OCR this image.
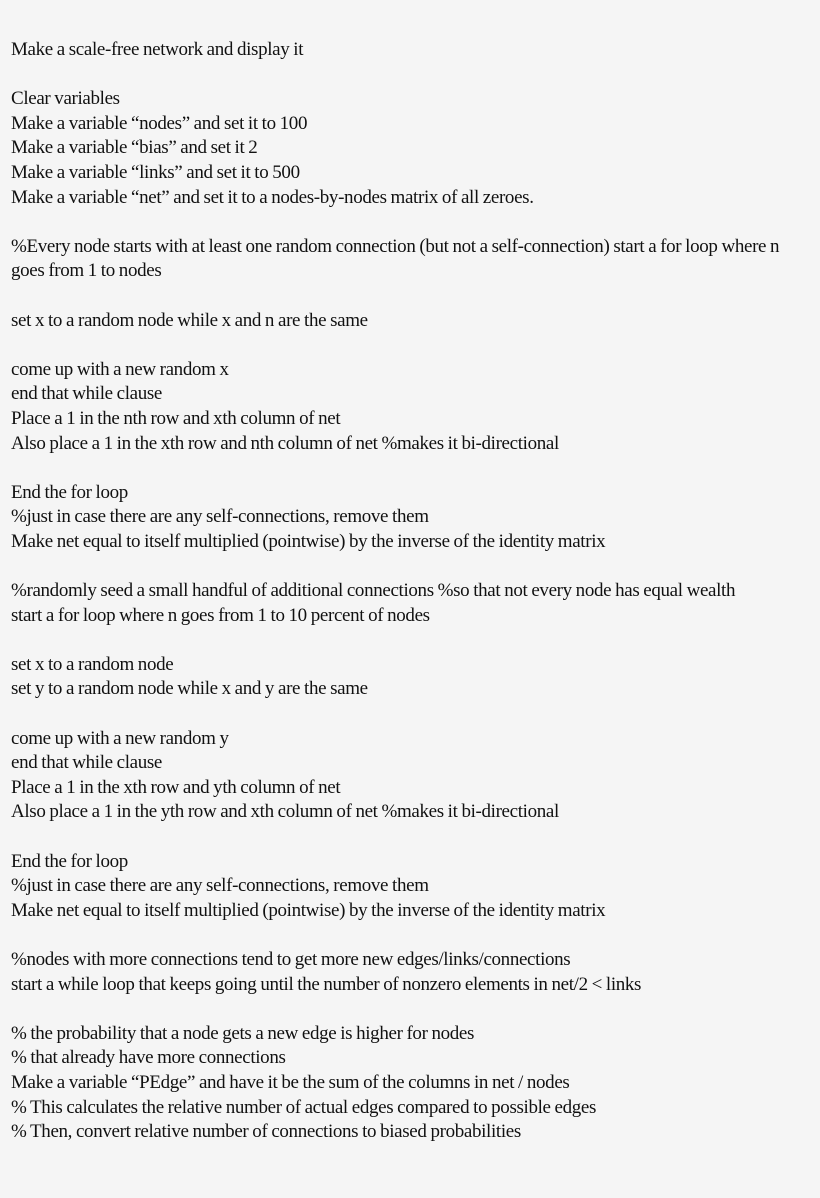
Make a scale-free network and display it
Clear variables
Make a variable “nodes” and set it to 100
Make a variable “bias” and set it 2
Make a variable “links” and set it to 500
Make a variable “net” and set it to a nodes-by-nodes matrix of all zeroes.
%Every node starts with at least one random connection (but not a self-connection) start a for loop where n goes from 1 to nodes
set x to a random node while x and n are the same
come up with a new random x
end that while clause
Place a 1 in the nth row and xth column of net
Also place a 1 in the xth row and nth column of net %makes it bi-directional
End the for loop
%just in case there are any self-connections, remove them
Make net equal to itself multiplied (pointwise) by the inverse of the identity matrix
%randomly seed a small handful of additional connections %so that not every node has equal wealth
start a for loop where n goes from 1 to 10 percent of nodes
set x to a random node
set y to a random node while x and y are the same
come up with a new random y
end that while clause
Place a 1 in the xth row and yth column of net
Also place a 1 in the yth row and xth column of net %makes it bi-directional
End the for loop
%just in case there are any self-connections, remove them
Make net equal to itself multiplied (pointwise) by the inverse of the identity matrix
%nodes with more connections tend to get more new edges/links/connections
start a while loop that keeps going until the number of nonzero elements in net/2 < links
% the probability that a node gets a new edge is higher for nodes
% that already have more connections
Make a variable “PEdge” and have it be the sum of the columns in net / nodes
% This calculates the relative number of actual edges compared to possible edges
% Then, convert relative number of connections to biased probabilities
